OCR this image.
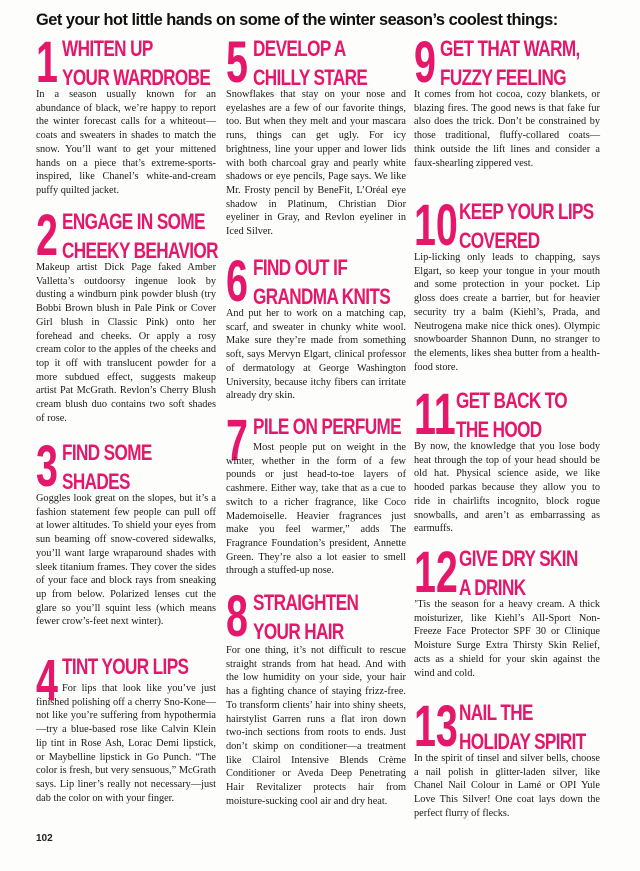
Get your hot little hands on some of the winter season’s coolest things:
1 WHITEN UP
YOUR WARDROBE
In a season usually known for an abundance of black, we’re happy to report the winter forecast calls for a whiteout—coats and sweaters in shades to match the snow. You’ll want to get your mittened hands on a piece that’s extreme-sports-inspired, like Chanel’s white-and-cream puffy quilted jacket.
2 ENGAGE IN SOME
CHEEKY BEHAVIOR
Makeup artist Dick Page faked Amber Valletta’s outdoorsy ingenue look by dusting a windburn pink powder blush (try Bobbi Brown blush in Pale Pink or Cover Girl blush in Classic Pink) onto her forehead and cheeks. Or apply a rosy cream color to the apples of the cheeks and top it off with translucent powder for a more subdued effect, suggests makeup artist Pat McGrath. Revlon’s Cherry Blush cream blush duo contains two soft shades of rose.
3 FIND SOME
SHADES
Goggles look great on the slopes, but it’s a fashion statement few people can pull off at lower altitudes. To shield your eyes from sun beaming off snow-covered sidewalks, you’ll want large wraparound shades with sleek titanium frames. They cover the sides of your face and block rays from sneaking up from below. Polarized lenses cut the glare so you’ll squint less (which means fewer crow’s-feet next winter).
4 TINT YOUR LIPS
For lips that look like you’ve just finished polishing off a cherry Sno-Kone—not like you’re suffering from hypothermia—try a blue-based rose like Calvin Klein lip tint in Rose Ash, Lorac Demi lipstick, or Maybelline lipstick in Go Punch. “The color is fresh, but very sensuous,” McGrath says. Lip liner’s really not necessary—just dab the color on with your finger.
5 DEVELOP A
CHILLY STARE
Snowflakes that stay on your nose and eyelashes are a few of our favorite things, too. But when they melt and your mascara runs, things can get ugly. For icy brightness, line your upper and lower lids with both charcoal gray and pearly white shadows or eye pencils, Page says. We like Mr. Frosty pencil by BeneFit, L’Oréal eye shadow in Platinum, Christian Dior eyeliner in Gray, and Revlon eyeliner in Iced Silver.
6 FIND OUT IF
GRANDMA KNITS
And put her to work on a matching cap, scarf, and sweater in chunky white wool. Make sure they’re made from something soft, says Mervyn Elgart, clinical professor of dermatology at George Washington University, because itchy fibers can irritate already dry skin.
7 PILE ON PERFUME
Most people put on weight in the winter, whether in the form of a few pounds or just head-to-toe layers of cashmere. Either way, take that as a cue to switch to a richer fragrance, like Coco Mademoiselle. Heavier fragrances just make you feel warmer,” adds The Fragrance Foundation’s president, Annette Green. They’re also a lot easier to smell through a stuffed-up nose.
8 STRAIGHTEN
YOUR HAIR
For one thing, it’s not difficult to rescue straight strands from hat head. And with the low humidity on your side, your hair has a fighting chance of staying frizz-free. To transform clients’ hair into shiny sheets, hairstylist Garren runs a flat iron down two-inch sections from roots to ends. Just don’t skimp on conditioner—a treatment like Clairol Intensive Blends Crème Conditioner or Aveda Deep Penetrating Hair Revitalizer protects hair from moisture-sucking cool air and dry heat.
9 GET THAT WARM,
FUZZY FEELING
It comes from hot cocoa, cozy blankets, or blazing fires. The good news is that fake fur also does the trick. Don’t be constrained by those traditional, fluffy-collared coats—think outside the lift lines and consider a faux-shearling zippered vest.
10 KEEP YOUR LIPS
COVERED
Lip-licking only leads to chapping, says Elgart, so keep your tongue in your mouth and some protection in your pocket. Lip gloss does create a barrier, but for heavier security try a balm (Kiehl’s, Prada, and Neutrogena make nice thick ones). Olympic snowboarder Shannon Dunn, no stranger to the elements, likes shea butter from a health-food store.
11 GET BACK TO
THE HOOD
By now, the knowledge that you lose body heat through the top of your head should be old hat. Physical science aside, we like hooded parkas because they allow you to ride in chairlifts incognito, block rogue snowballs, and aren’t as embarrassing as earmuffs.
12 GIVE DRY SKIN
A DRINK
’Tis the season for a heavy cream. A thick moisturizer, like Kiehl’s All-Sport Non-Freeze Face Protector SPF 30 or Clinique Moisture Surge Extra Thirsty Skin Relief, acts as a shield for your skin against the wind and cold.
13 NAIL THE
HOLIDAY SPIRIT
In the spirit of tinsel and silver bells, choose a nail polish in glitter-laden silver, like Chanel Nail Colour in Lamé or OPI Yule Love This Silver! One coat lays down the perfect flurry of flecks.
102
